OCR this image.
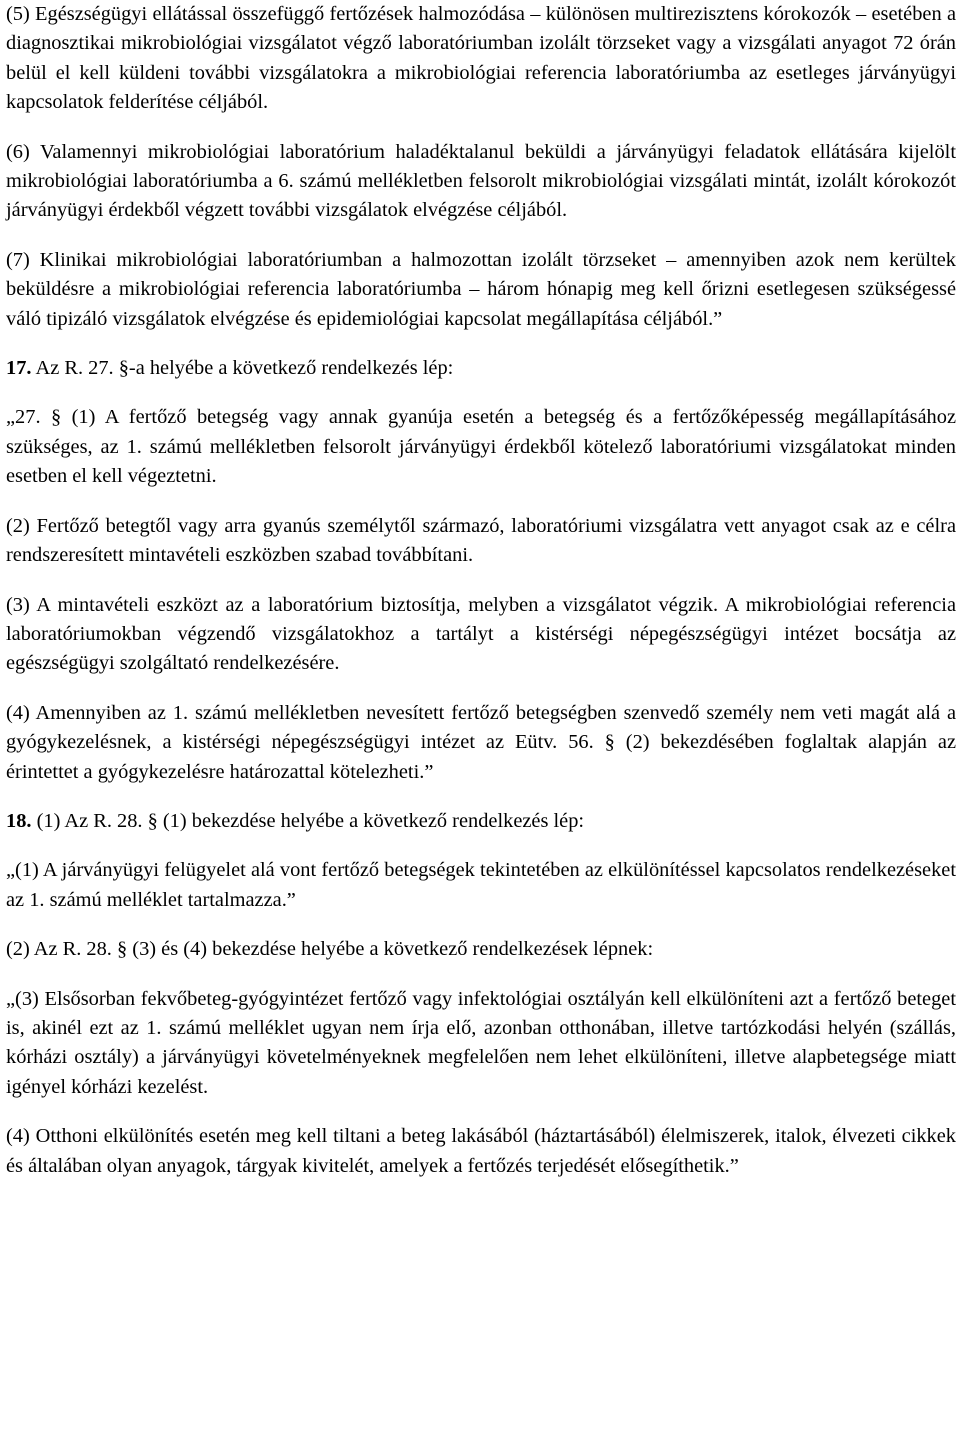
(5) Egészségügyi ellátással összefüggő fertőzések halmozódása – különösen multirezisztens kórokozók – esetében a diagnosztikai mikrobiológiai vizsgálatot végző laboratóriumban izolált törzseket vagy a vizsgálati anyagot 72 órán belül el kell küldeni további vizsgálatokra a mikrobiológiai referencia laboratóriumba az esetleges járványügyi kapcsolatok felderítése céljából.

(6) Valamennyi mikrobiológiai laboratórium haladéktalanul beküldi a járványügyi feladatok ellátására kijelölt mikrobiológiai laboratóriumba a 6. számú mellékletben felsorolt mikrobiológiai vizsgálati mintát, izolált kórokozót járványügyi érdekből végzett további vizsgálatok elvégzése céljából.

(7) Klinikai mikrobiológiai laboratóriumban a halmozottan izolált törzseket – amennyiben azok nem kerültek beküldésre a mikrobiológiai referencia laboratóriumba – három hónapig meg kell őrizni esetlegesen szükségessé váló tipizáló vizsgálatok elvégzése és epidemiológiai kapcsolat megállapítása céljából.”

17. Az R. 27. §-a helyébe a következő rendelkezés lép:

„27. § (1) A fertőző betegség vagy annak gyanúja esetén a betegség és a fertőzőképesség megállapításához szükséges, az 1. számú mellékletben felsorolt járványügyi érdekből kötelező laboratóriumi vizsgálatokat minden esetben el kell végeztetni.

(2) Fertőző betegtől vagy arra gyanús személytől származó, laboratóriumi vizsgálatra vett anyagot csak az e célra rendszeresített mintavételi eszközben szabad továbbítani.

(3) A mintavételi eszközt az a laboratórium biztosítja, melyben a vizsgálatot végzik. A mikrobiológiai referencia laboratóriumokban végzendő vizsgálatokhoz a tartályt a kistérségi népegészségügyi intézet bocsátja az egészségügyi szolgáltató rendelkezésére.

(4) Amennyiben az 1. számú mellékletben nevesített fertőző betegségben szenvedő személy nem veti magát alá a gyógykezelésnek, a kistérségi népegészségügyi intézet az Eütv. 56. § (2) bekezdésében foglaltak alapján az érintettet a gyógykezelésre határozattal kötelezheti.”

18. (1) Az R. 28. § (1) bekezdése helyébe a következő rendelkezés lép:

„(1) A járványügyi felügyelet alá vont fertőző betegségek tekintetében az elkülönítéssel kapcsolatos rendelkezéseket az 1. számú melléklet tartalmazza.”

(2) Az R. 28. § (3) és (4) bekezdése helyébe a következő rendelkezések lépnek:

„(3) Elsősorban fekvőbeteg-gyógyintézet fertőző vagy infektológiai osztályán kell elkülöníteni azt a fertőző beteget is, akinél ezt az 1. számú melléklet ugyan nem írja elő, azonban otthonában, illetve tartózkodási helyén (szállás, kórházi osztály) a járványügyi követelményeknek megfelelően nem lehet elkülöníteni, illetve alapbetegsége miatt igényel kórházi kezelést.

(4) Otthoni elkülönítés esetén meg kell tiltani a beteg lakásából (háztartásából) élelmiszerek, italok, élvezeti cikkek és általában olyan anyagok, tárgyak kivitelét, amelyek a fertőzés terjedését elősegíthetik.”
